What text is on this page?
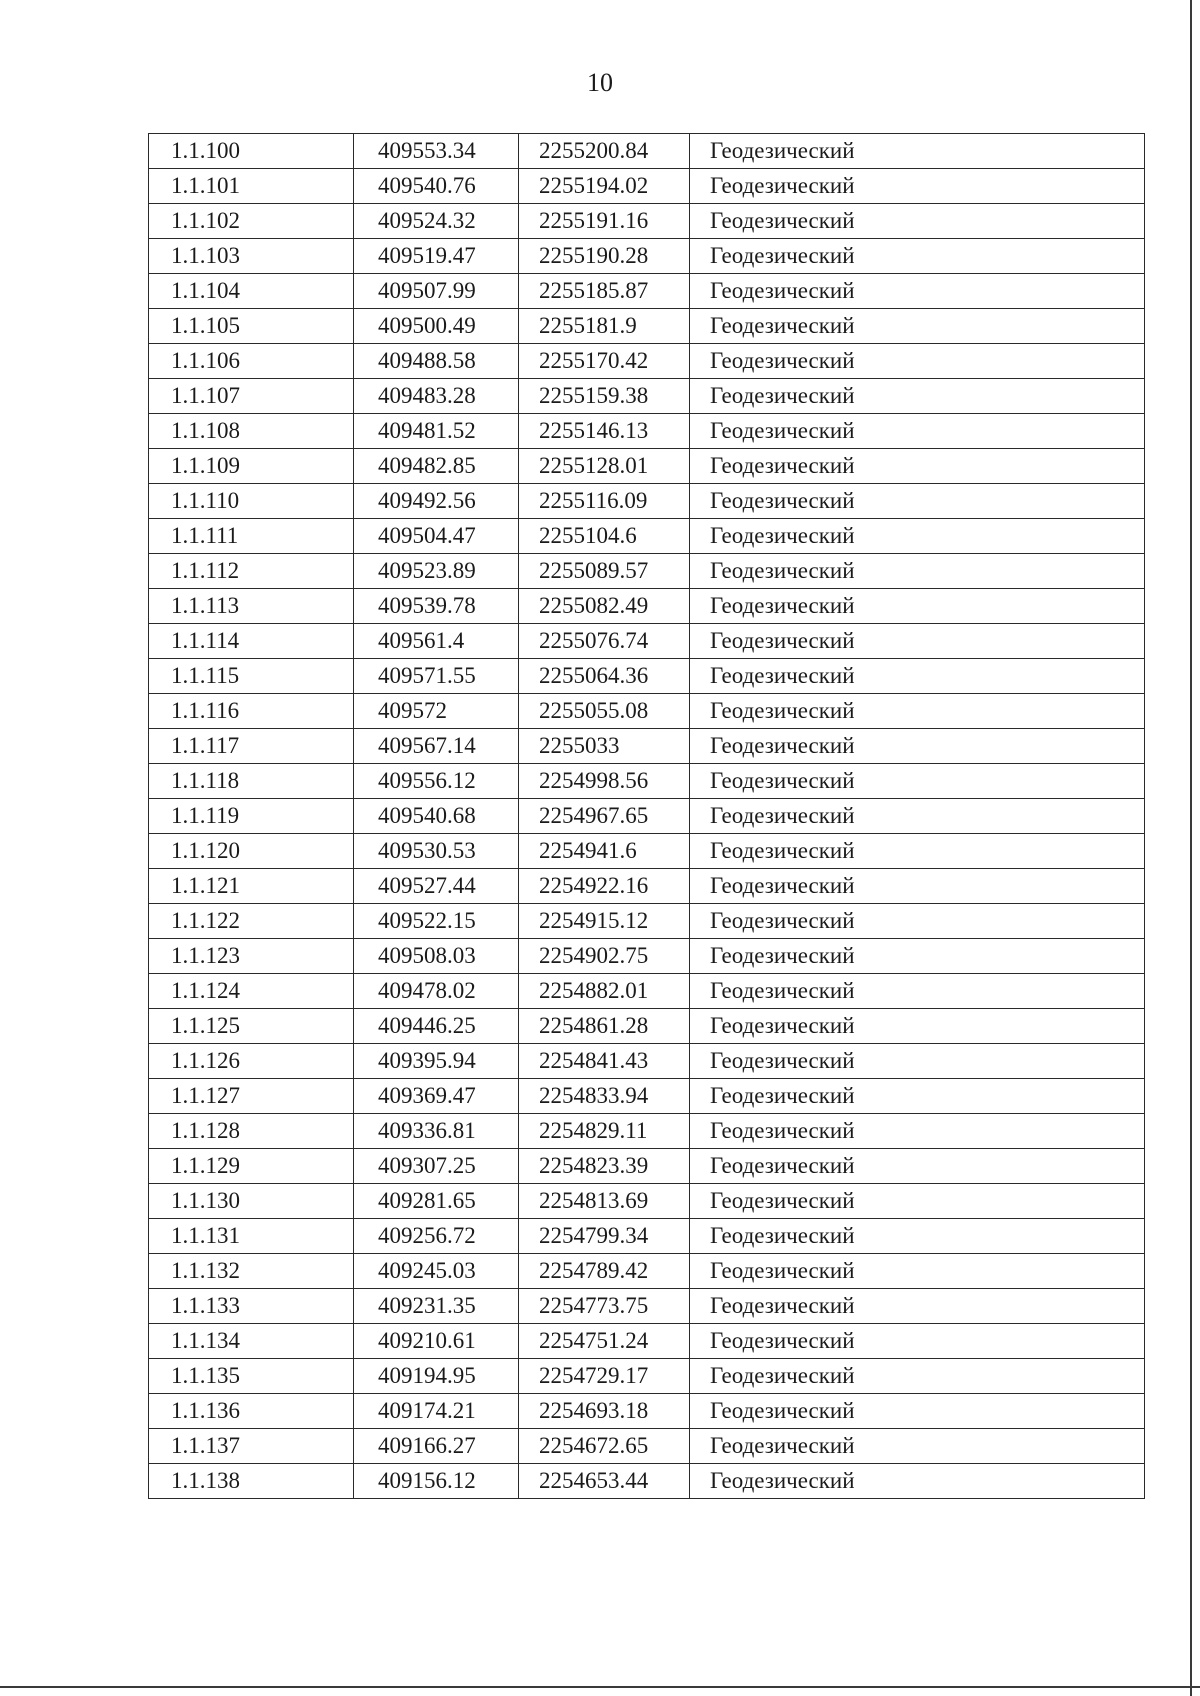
10
1.1.100	409553.34	2255200.84	Геодезический
1.1.101	409540.76	2255194.02	Геодезический
1.1.102	409524.32	2255191.16	Геодезический
1.1.103	409519.47	2255190.28	Геодезический
1.1.104	409507.99	2255185.87	Геодезический
1.1.105	409500.49	2255181.9	Геодезический
1.1.106	409488.58	2255170.42	Геодезический
1.1.107	409483.28	2255159.38	Геодезический
1.1.108	409481.52	2255146.13	Геодезический
1.1.109	409482.85	2255128.01	Геодезический
1.1.110	409492.56	2255116.09	Геодезический
1.1.111	409504.47	2255104.6	Геодезический
1.1.112	409523.89	2255089.57	Геодезический
1.1.113	409539.78	2255082.49	Геодезический
1.1.114	409561.4	2255076.74	Геодезический
1.1.115	409571.55	2255064.36	Геодезический
1.1.116	409572	2255055.08	Геодезический
1.1.117	409567.14	2255033	Геодезический
1.1.118	409556.12	2254998.56	Геодезический
1.1.119	409540.68	2254967.65	Геодезический
1.1.120	409530.53	2254941.6	Геодезический
1.1.121	409527.44	2254922.16	Геодезический
1.1.122	409522.15	2254915.12	Геодезический
1.1.123	409508.03	2254902.75	Геодезический
1.1.124	409478.02	2254882.01	Геодезический
1.1.125	409446.25	2254861.28	Геодезический
1.1.126	409395.94	2254841.43	Геодезический
1.1.127	409369.47	2254833.94	Геодезический
1.1.128	409336.81	2254829.11	Геодезический
1.1.129	409307.25	2254823.39	Геодезический
1.1.130	409281.65	2254813.69	Геодезический
1.1.131	409256.72	2254799.34	Геодезический
1.1.132	409245.03	2254789.42	Геодезический
1.1.133	409231.35	2254773.75	Геодезический
1.1.134	409210.61	2254751.24	Геодезический
1.1.135	409194.95	2254729.17	Геодезический
1.1.136	409174.21	2254693.18	Геодезический
1.1.137	409166.27	2254672.65	Геодезический
1.1.138	409156.12	2254653.44	Геодезический
